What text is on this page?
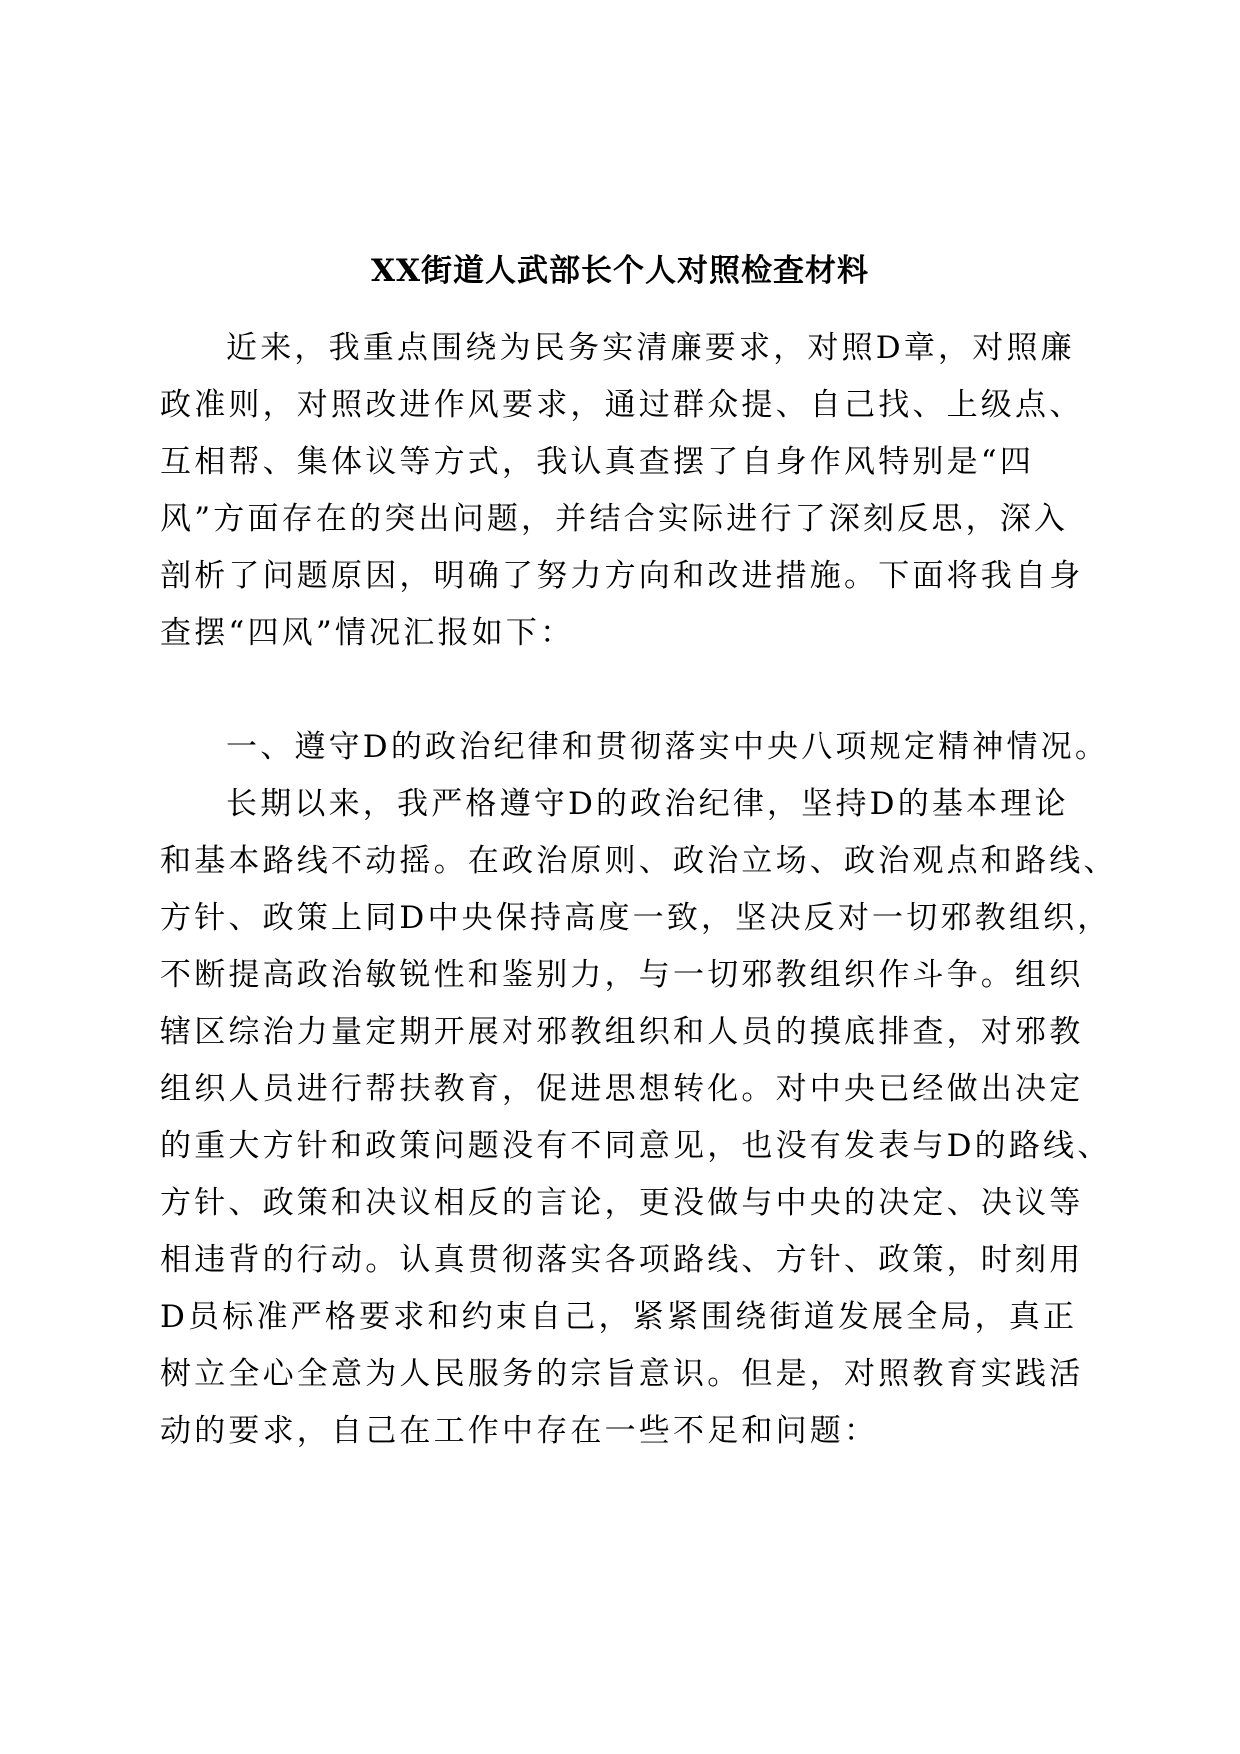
XX街道人武部长个人对照检查材料
近来，我重点围绕为民务实清廉要求，对照D章，对照廉
政准则，对照改进作风要求，通过群众提、自己找、上级点、
互相帮、集体议等方式，我认真查摆了自身作风特别是“四
风”方面存在的突出问题，并结合实际进行了深刻反思，深入
剖析了问题原因，明确了努力方向和改进措施。下面将我自身
查摆“四风”情况汇报如下：
一、遵守D的政治纪律和贯彻落实中央八项规定精神情况。
长期以来，我严格遵守D的政治纪律，坚持D的基本理论
和基本路线不动摇。在政治原则、政治立场、政治观点和路线、
方针、政策上同D中央保持高度一致，坚决反对一切邪教组织，
不断提高政治敏锐性和鉴别力，与一切邪教组织作斗争。组织
辖区综治力量定期开展对邪教组织和人员的摸底排查，对邪教
组织人员进行帮扶教育，促进思想转化。对中央已经做出决定
的重大方针和政策问题没有不同意见，也没有发表与D的路线、
方针、政策和决议相反的言论，更没做与中央的决定、决议等
相违背的行动。认真贯彻落实各项路线、方针、政策，时刻用
D员标准严格要求和约束自己，紧紧围绕街道发展全局，真正
树立全心全意为人民服务的宗旨意识。但是，对照教育实践活
动的要求，自己在工作中存在一些不足和问题：
